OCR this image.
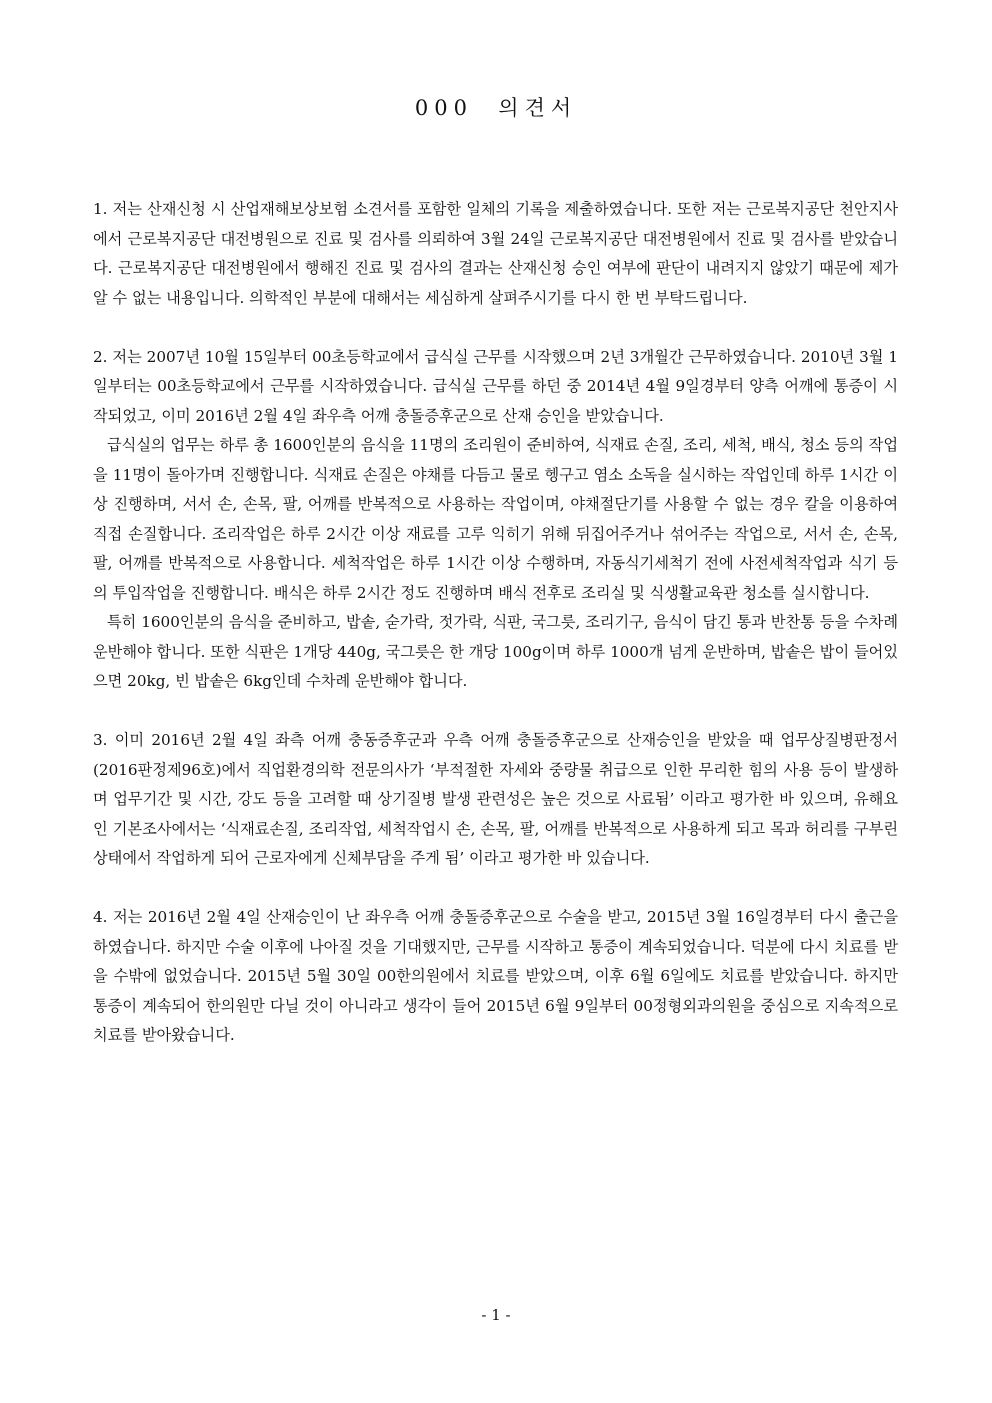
000  의견서

1. 저는 산재신청 시 산업재해보상보험 소견서를 포함한 일체의 기록을 제출하였습니다. 또한 저는 근로복지공단 천안지사에서 근로복지공단 대전병원으로 진료 및 검사를 의뢰하여 3월 24일 근로복지공단 대전병원에서 진료 및 검사를 받았습니다. 근로복지공단 대전병원에서 행해진 진료 및 검사의 결과는 산재신청 승인 여부에 판단이 내려지지 않았기 때문에 제가 알 수 없는 내용입니다. 의학적인 부분에 대해서는 세심하게 살펴주시기를 다시 한 번 부탁드립니다.

2. 저는 2007년 10월 15일부터 00초등학교에서 급식실 근무를 시작했으며 2년 3개월간 근무하였습니다. 2010년 3월 1일부터는 00초등학교에서 근무를 시작하였습니다. 급식실 근무를 하던 중 2014년 4월 9일경부터 양측 어깨에 통증이 시작되었고, 이미 2016년 2월 4일 좌우측 어깨 충돌증후군으로 산재 승인을 받았습니다.

급식실의 업무는 하루 총 1600인분의 음식을 11명의 조리원이 준비하여, 식재료 손질, 조리, 세척, 배식, 청소 등의 작업을 11명이 돌아가며 진행합니다. 식재료 손질은 야채를 다듬고 물로 헹구고 염소 소독을 실시하는 작업인데 하루 1시간 이상 진행하며, 서서 손, 손목, 팔, 어깨를 반복적으로 사용하는 작업이며, 야채절단기를 사용할 수 없는 경우 칼을 이용하여 직접 손질합니다. 조리작업은 하루 2시간 이상 재료를 고루 익히기 위해 뒤집어주거나 섞어주는 작업으로, 서서 손, 손목, 팔, 어깨를 반복적으로 사용합니다. 세척작업은 하루 1시간 이상 수행하며, 자동식기세척기 전에 사전세척작업과 식기 등의 투입작업을 진행합니다. 배식은 하루 2시간 정도 진행하며 배식 전후로 조리실 및 식생활교육관 청소를 실시합니다.

특히 1600인분의 음식을 준비하고, 밥솥, 숟가락, 젓가락, 식판, 국그릇, 조리기구, 음식이 담긴 통과 반찬통 등을 수차례 운반해야 합니다. 또한 식판은 1개당 440g, 국그릇은 한 개당 100g이며 하루 1000개 넘게 운반하며, 밥솥은 밥이 들어있으면 20kg, 빈 밥솥은 6kg인데 수차례 운반해야 합니다.

3. 이미 2016년 2월 4일 좌측 어깨 충동증후군과 우측 어깨 충돌증후군으로 산재승인을 받았을 때 업무상질병판정서(2016판정제96호)에서 직업환경의학 전문의사가 ‘부적절한 자세와 중량물 취급으로 인한 무리한 힘의 사용 등이 발생하며 업무기간 및 시간, 강도 등을 고려할 때 상기질병 발생 관련성은 높은 것으로 사료됨’ 이라고 평가한 바 있으며, 유해요인 기본조사에서는 ‘식재료손질, 조리작업, 세척작업시 손, 손목, 팔, 어깨를 반복적으로 사용하게 되고 목과 허리를 구부린 상태에서 작업하게 되어 근로자에게 신체부담을 주게 됨’ 이라고 평가한 바 있습니다.

4. 저는 2016년 2월 4일 산재승인이 난 좌우측 어깨 충돌증후군으로 수술을 받고, 2015년 3월 16일경부터 다시 출근을 하였습니다. 하지만 수술 이후에 나아질 것을 기대했지만, 근무를 시작하고 통증이 계속되었습니다. 덕분에 다시 치료를 받을 수밖에 없었습니다. 2015년 5월 30일 00한의원에서 치료를 받았으며, 이후 6월 6일에도 치료를 받았습니다. 하지만 통증이 계속되어 한의원만 다닐 것이 아니라고 생각이 들어 2015년 6월 9일부터 00정형외과의원을 중심으로 지속적으로 치료를 받아왔습니다.

- 1 -
